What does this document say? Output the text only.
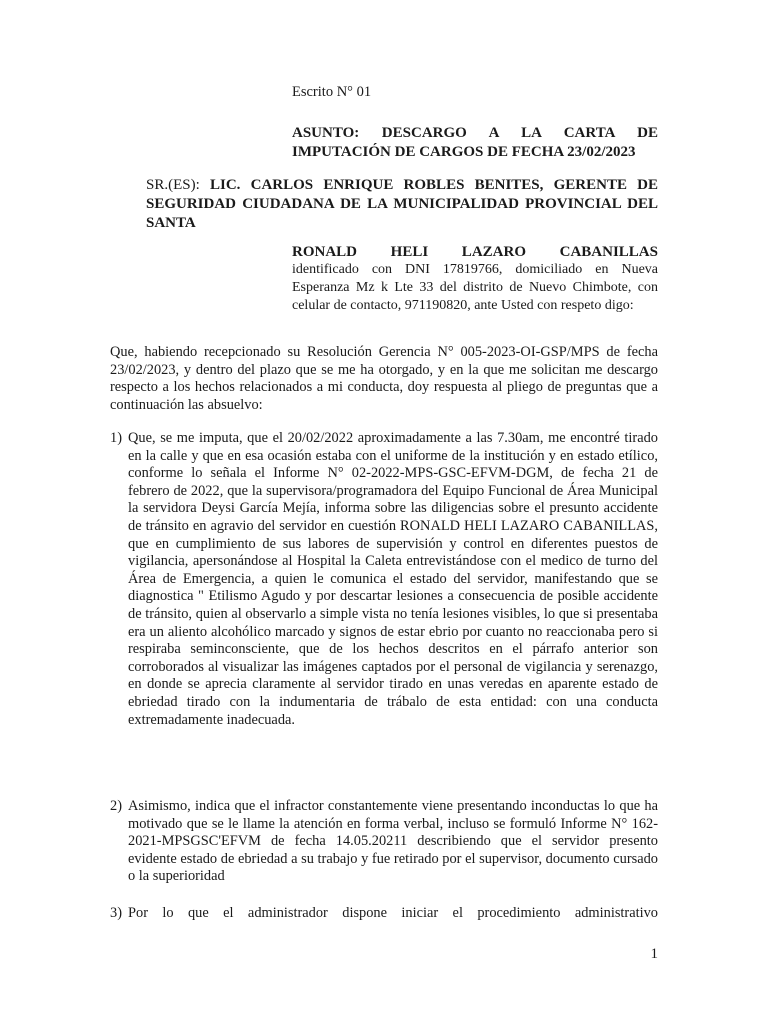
Escrito N° 01

ASUNTO: DESCARGO A LA CARTA DE IMPUTACIÓN DE CARGOS DE FECHA 23/02/2023

SR.(ES): LIC. CARLOS ENRIQUE ROBLES BENITES, GERENTE DE SEGURIDAD CIUDADANA DE LA MUNICIPALIDAD PROVINCIAL DEL SANTA

RONALD HELI LAZARO CABANILLAS
identificado con DNI 17819766, domiciliado en Nueva Esperanza Mz k Lte 33 del distrito de Nuevo Chimbote, con celular de contacto, 971190820, ante Usted con respeto digo:

Que, habiendo recepcionado su Resolución Gerencia N° 005-2023-OI-GSP/MPS de fecha 23/02/2023, y dentro del plazo que se me ha otorgado, y en la que me solicitan me descargo respecto a los hechos relacionados a mi conducta, doy respuesta al pliego de preguntas que a continuación las absuelvo:

1) Que, se me imputa, que el 20/02/2022 aproximadamente a las 7.30am, me encontré tirado en la calle y que en esa ocasión estaba con el uniforme de la institución y en estado etílico, conforme lo señala el Informe N° 02-2022-MPS-GSC-EFVM-DGM, de fecha 21 de febrero de 2022, que la supervisora/programadora del Equipo Funcional de Área Municipal la servidora Deysi García Mejía, informa sobre las diligencias sobre el presunto accidente de tránsito en agravio del servidor en cuestión RONALD HELI LAZARO CABANILLAS, que en cumplimiento de sus labores de supervisión y control en diferentes puestos de vigilancia, apersonándose al Hospital la Caleta entrevistándose con el medico de turno del Área de Emergencia, a quien le comunica el estado del servidor, manifestando que se diagnostica " Etilismo Agudo y por descartar lesiones a consecuencia de posible accidente de tránsito, quien al observarlo a simple vista no tenía lesiones visibles, lo que si presentaba era un aliento alcohólico marcado y signos de estar ebrio por cuanto no reaccionaba pero si respiraba seminconsciente, que de los hechos descritos en el párrafo anterior son corroborados al visualizar las imágenes captados por el personal de vigilancia y serenazgo, en donde se aprecia claramente al servidor tirado en unas veredas en aparente estado de ebriedad tirado con la indumentaria de trábalo de esta entidad: con una conducta extremadamente inadecuada.
2) Asimismo, indica que el infractor constantemente viene presentando inconductas lo que ha motivado que se le llame la atención en forma verbal, incluso se formuló Informe N° 162-2021-MPSGSC'EFVM de fecha 14.05.20211 describiendo que el servidor presento evidente estado de ebriedad a su trabajo y fue retirado por el supervisor, documento cursado o la superioridad
3) Por lo que el administrador dispone iniciar el procedimiento administrativo

1
